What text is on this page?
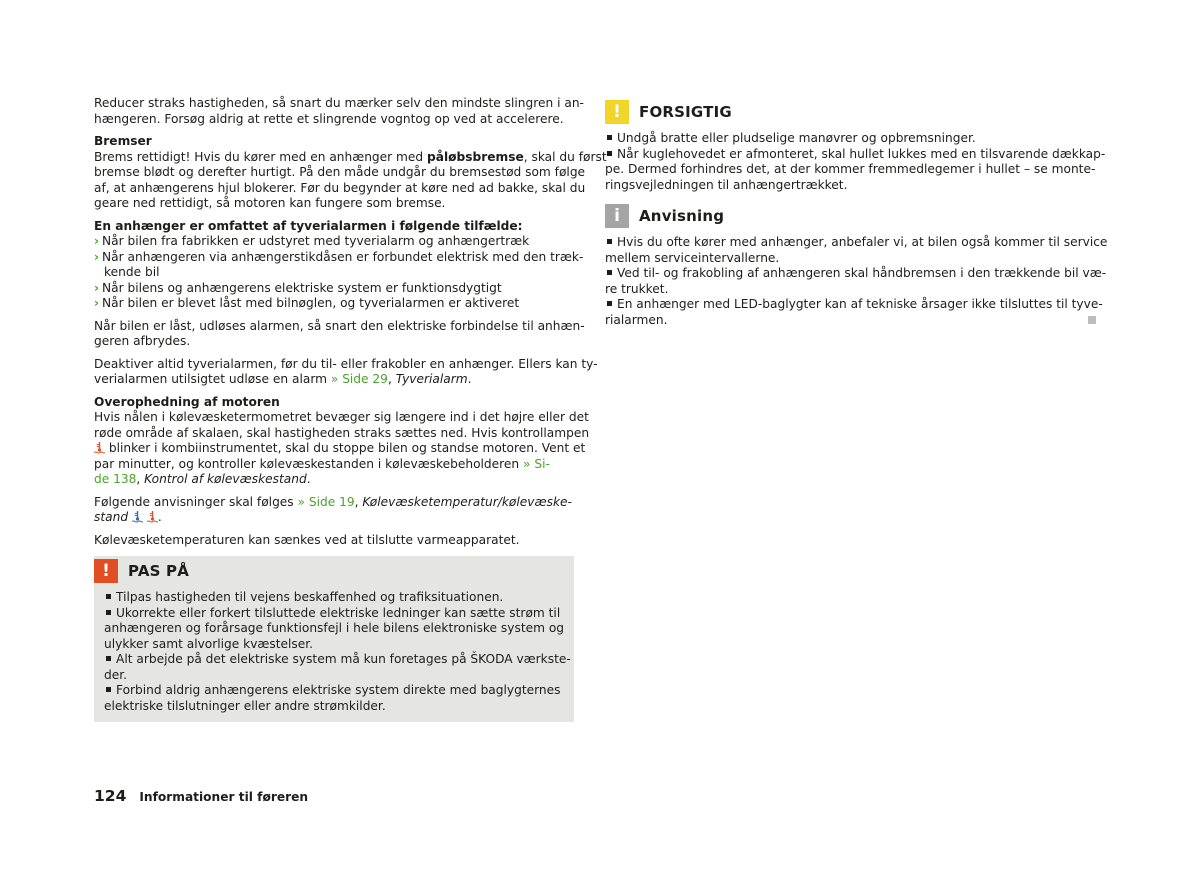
Reducer straks hastigheden, så snart du mærker selv den mindste slingren i an-
hængeren. Forsøg aldrig at rette et slingrende vogntog op ved at accelerere.
Bremser
Brems rettidigt! Hvis du kører med en anhænger med påløbsbremse, skal du først
bremse blødt og derefter hurtigt. På den måde undgår du bremsestød som følge
af, at anhængerens hjul blokerer. Før du begynder at køre ned ad bakke, skal du
geare ned rettidigt, så motoren kan fungere som bremse.
En anhænger er omfattet af tyverialarmen i følgende tilfælde:
› Når bilen fra fabrikken er udstyret med tyverialarm og anhængertræk
› Når anhængeren via anhængerstikdåsen er forbundet elektrisk med den træk-
kende bil
› Når bilens og anhængerens elektriske system er funktionsdygtigt
› Når bilen er blevet låst med bilnøglen, og tyverialarmen er aktiveret
Når bilen er låst, udløses alarmen, så snart den elektriske forbindelse til anhæn-
geren afbrydes.
Deaktiver altid tyverialarmen, før du til- eller frakobler en anhænger. Ellers kan ty-
verialarmen utilsigtet udløse en alarm » Side 29, Tyverialarm.
Overophedning af motoren
Hvis nålen i kølevæsketermometret bevæger sig længere ind i det højre eller det
røde område af skalaen, skal hastigheden straks sættes ned. Hvis kontrollampen
blinker i kombiinstrumentet, skal du stoppe bilen og standse motoren. Vent et
par minutter, og kontroller kølevæskestanden i kølevæskebeholderen » Si-
de 138, Kontrol af kølevæskestand.
Følgende anvisninger skal følges » Side 19, Kølevæsketemperatur/kølevæske-
stand .
Kølevæsketemperaturen kan sænkes ved at tilslutte varmeapparatet.
!	PAS PÅ
Tilpas hastigheden til vejens beskaffenhed og trafiksituationen.
Ukorrekte eller forkert tilsluttede elektriske ledninger kan sætte strøm til
anhængeren og forårsage funktionsfejl i hele bilens elektroniske system og
ulykker samt alvorlige kvæstelser.
Alt arbejde på det elektriske system må kun foretages på ŠKODA værkste-
der.
Forbind aldrig anhængerens elektriske system direkte med baglygternes
elektriske tilslutninger eller andre strømkilder.
!	FORSIGTIG
Undgå bratte eller pludselige manøvrer og opbremsninger.
Når kuglehovedet er afmonteret, skal hullet lukkes med en tilsvarende dækkap-
pe. Dermed forhindres det, at der kommer fremmedlegemer i hullet – se monte-
ringsvejledningen til anhængertrækket.
i	Anvisning
Hvis du ofte kører med anhænger, anbefaler vi, at bilen også kommer til service
mellem serviceintervallerne.
Ved til- og frakobling af anhængeren skal håndbremsen i den trækkende bil væ-
re trukket.
En anhænger med LED-baglygter kan af tekniske årsager ikke tilsluttes til tyve-
rialarmen.
124 Informationer til føreren
